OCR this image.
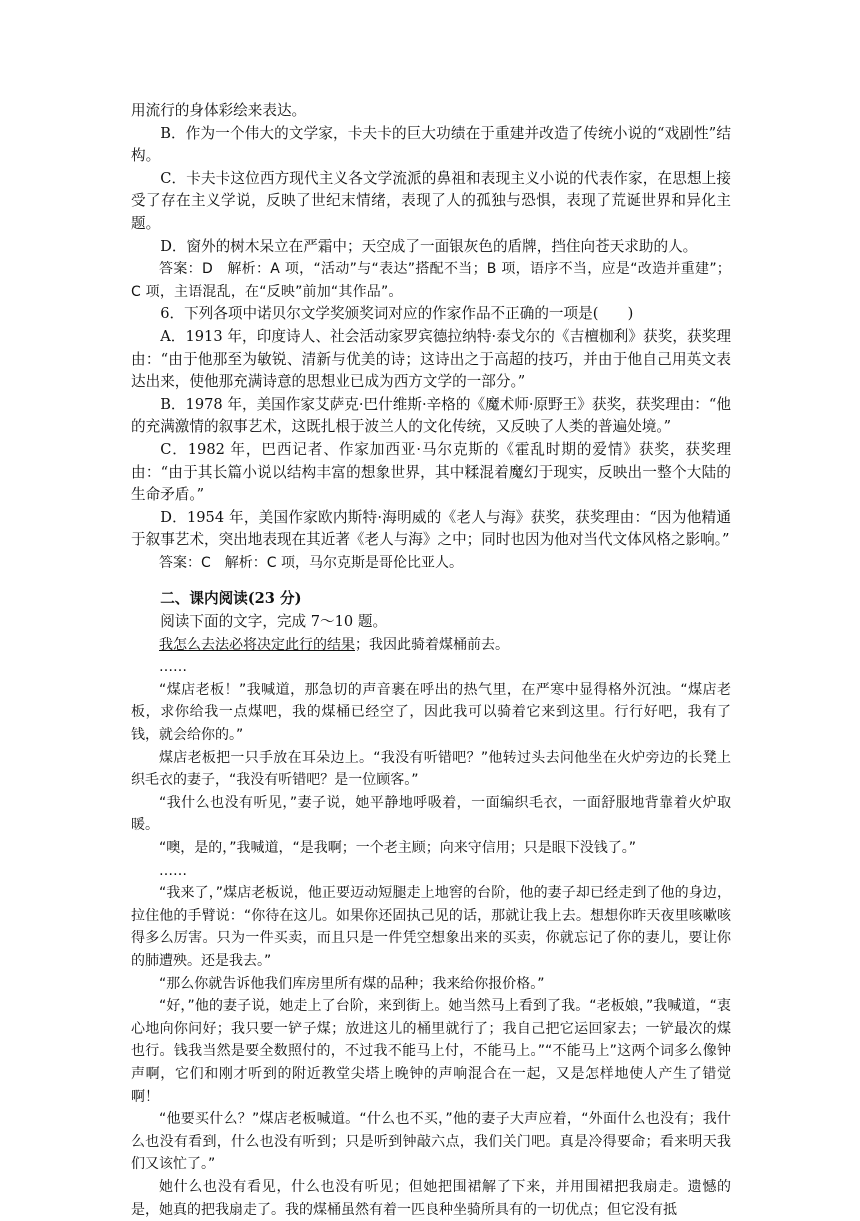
用流行的身体彩绘来表达。

B．作为一个伟大的文学家，卡夫卡的巨大功绩在于重建并改造了传统小说的“戏剧性”结构。

C．卡夫卡这位西方现代主义各文学流派的鼻祖和表现主义小说的代表作家，在思想上接受了存在主义学说，反映了世纪末情绪，表现了人的孤独与恐惧，表现了荒诞世界和异化主题。

D．窗外的树木呆立在严霜中；天空成了一面银灰色的盾牌，挡住向苍天求助的人。

答案：D　解析：A 项，“活动”与“表达”搭配不当；B 项，语序不当，应是“改造并重建”；C 项，主语混乱，在“反映”前加“其作品”。

6．下列各项中诺贝尔文学奖颁奖词对应的作家作品不正确的一项是(　　)

A．1913 年，印度诗人、社会活动家罗宾德拉纳特·泰戈尔的《吉檀枷利》获奖，获奖理由：“由于他那至为敏锐、清新与优美的诗；这诗出之于高超的技巧，并由于他自己用英文表达出来，使他那充满诗意的思想业已成为西方文学的一部分。”

B．1978 年，美国作家艾萨克·巴什维斯·辛格的《魔术师·原野王》获奖，获奖理由：“他的充满激情的叙事艺术，这既扎根于波兰人的文化传统，又反映了人类的普遍处境。”

C．1982 年，巴西记者、作家加西亚·马尔克斯的《霍乱时期的爱情》获奖，获奖理由：“由于其长篇小说以结构丰富的想象世界，其中糅混着魔幻于现实，反映出一整个大陆的生命矛盾。”

D．1954 年，美国作家欧内斯特·海明威的《老人与海》获奖，获奖理由：“因为他精通于叙事艺术，突出地表现在其近著《老人与海》之中；同时也因为他对当代文体风格之影响。”

答案：C　解析：C 项，马尔克斯是哥伦比亚人。

二、课内阅读(23 分)

阅读下面的文字，完成 7～10 题。

我怎么去法必将决定此行的结果；我因此骑着煤桶前去。

……

“煤店老板！”我喊道，那急切的声音裹在呼出的热气里，在严寒中显得格外沉浊。“煤店老板，求你给我一点煤吧，我的煤桶已经空了，因此我可以骑着它来到这里。行行好吧，我有了钱，就会给你的。”

煤店老板把一只手放在耳朵边上。“我没有听错吧？”他转过头去问他坐在火炉旁边的长凳上织毛衣的妻子，“我没有听错吧？是一位顾客。”

“我什么也没有听见，”妻子说，她平静地呼吸着，一面编织毛衣，一面舒服地背靠着火炉取暖。

“噢，是的，”我喊道，“是我啊；一个老主顾；向来守信用；只是眼下没钱了。”

……

“我来了，”煤店老板说，他正要迈动短腿走上地窖的台阶，他的妻子却已经走到了他的身边，拉住他的手臂说：“你待在这儿。如果你还固执己见的话，那就让我上去。想想你昨天夜里咳嗽咳得多么厉害。只为一件买卖，而且只是一件凭空想象出来的买卖，你就忘记了你的妻儿，要让你的肺遭殃。还是我去。”

“那么你就告诉他我们库房里所有煤的品种；我来给你报价格。”

“好，”他的妻子说，她走上了台阶，来到街上。她当然马上看到了我。“老板娘，”我喊道，“衷心地向你问好；我只要一铲子煤；放进这儿的桶里就行了；我自己把它运回家去；一铲最次的煤也行。钱我当然是要全数照付的，不过我不能马上付，不能马上。”“不能马上”这两个词多么像钟声啊，它们和刚才听到的附近教堂尖塔上晚钟的声响混合在一起，又是怎样地使人产生了错觉啊！

“他要买什么？”煤店老板喊道。“什么也不买，”他的妻子大声应着，“外面什么也没有；我什么也没有看到，什么也没有听到；只是听到钟敲六点，我们关门吧。真是冷得要命；看来明天我们又该忙了。”

她什么也没有看见，什么也没有听见；但她把围裙解了下来，并用围裙把我扇走。遗憾的是，她真的把我扇走了。我的煤桶虽然有着一匹良种坐骑所具有的一切优点；但它没有抵
